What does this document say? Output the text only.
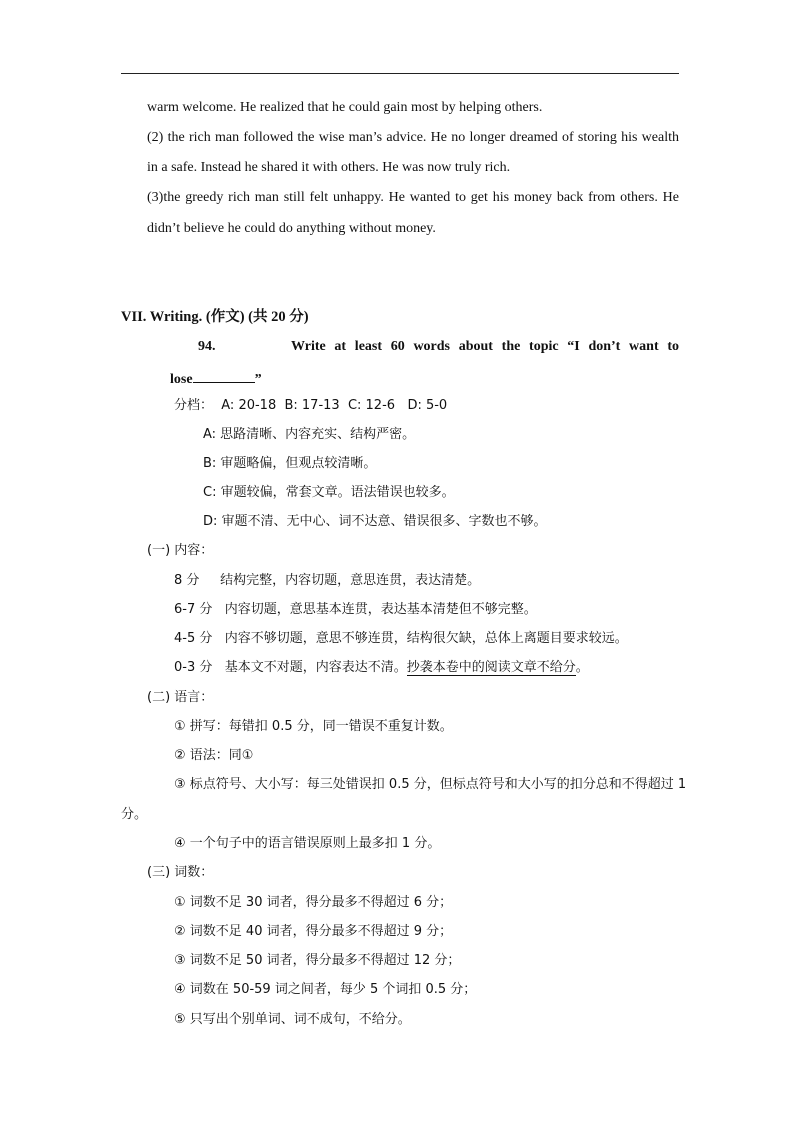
warm welcome. He realized that he could gain most by helping others.
(2) the rich man followed the wise man’s advice. He no longer dreamed of storing his wealth
in a safe. Instead he shared it with others. He was now truly rich.
(3)the greedy rich man still felt unhappy. He wanted to get his money back from others. He
didn’t believe he could do anything without money.
VII. Writing. (作文) (共 20 分)
94.	Write at least 60 words about the topic “I don’t want to
lose	”
分档：  A: 20-18  B: 17-13  C: 12-6   D: 5-0
A: 思路清晰、内容充实、结构严密。
B: 审题略偏，但观点较清晰。
C: 审题较偏，常套文章。语法错误也较多。
D: 审题不清、无中心、词不达意、错误很多、字数也不够。
(一) 内容：
8 分     结构完整，内容切题，意思连贯，表达清楚。
6-7 分   内容切题，意思基本连贯，表达基本清楚但不够完整。
4-5 分   内容不够切题，意思不够连贯，结构很欠缺，总体上离题目要求较远。
0-3 分   基本文不对题，内容表达不清。抄袭本卷中的阅读文章不给分。
(二) 语言：
① 拼写：每错扣 0.5 分，同一错误不重复计数。
② 语法：同①
③ 标点符号、大小写：每三处错误扣 0.5 分，但标点符号和大小写的扣分总和不得超过 1
分。
④ 一个句子中的语言错误原则上最多扣 1 分。
(三) 词数：
① 词数不足 30 词者，得分最多不得超过 6 分；
② 词数不足 40 词者，得分最多不得超过 9 分；
③ 词数不足 50 词者，得分最多不得超过 12 分；
④ 词数在 50-59 词之间者，每少 5 个词扣 0.5 分；
⑤ 只写出个别单词、词不成句，不给分。
